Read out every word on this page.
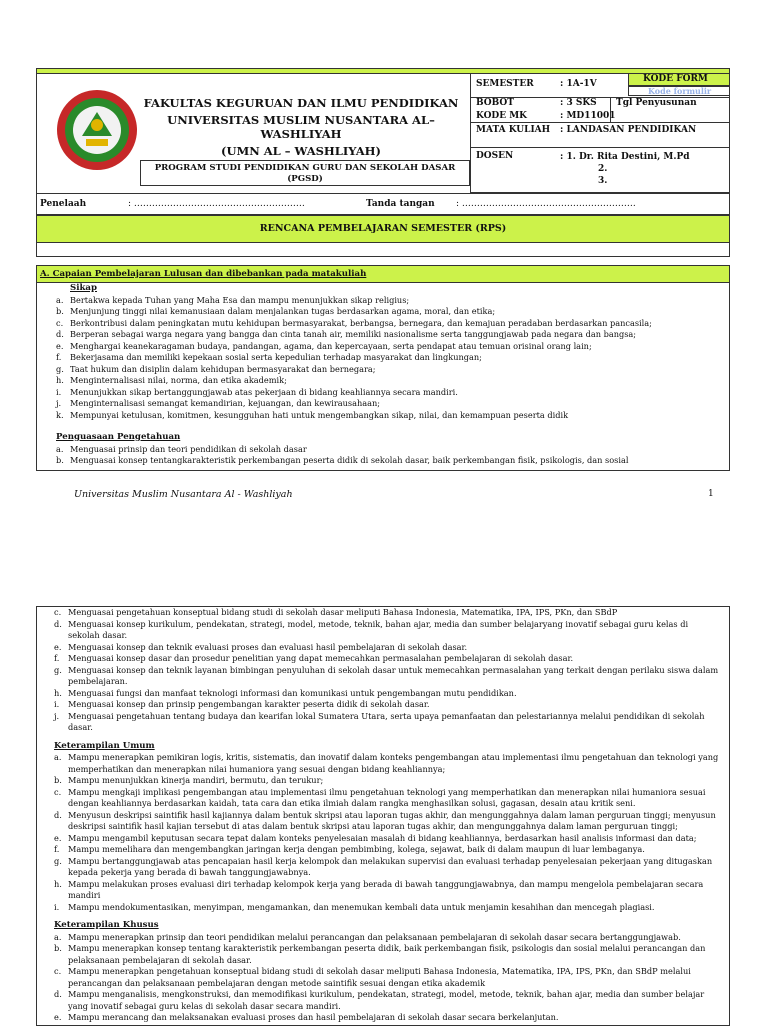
FAKULTAS KEGURUAN DAN ILMU PENDIDIKAN
UNIVERSITAS MUSLIM NUSANTARA AL–WASHLIYAH
(UMN AL – WASHLIYAH)
PROGRAM STUDI PENDIDIKAN GURU DAN SEKOLAH DASAR
(PGSD)
KODE FORM
Kode formulir
SEMESTER	: 1A-1V
BOBOT	: 3 SKS Tgl Penyusunan
KODE MK	: MD11001
MATA KULIAH : LANDASAN PENDIDIKAN
DOSEN	: 1. Dr. Rita Destini, M.Pd
2.
3.
Penelaah	: …………………………………………………	Tanda tangan : ………………………………………………….
RENCANA PEMBELAJARAN SEMESTER (RPS)
A. Capaian Pembelajaran Lulusan dan dibebankan pada matakuliah
Sikap
a. Bertakwa kepada Tuhan yang Maha Esa dan mampu menunjukkan sikap religius;
b. Menjunjung tinggi nilai kemanusiaan dalam menjalankan tugas berdasarkan agama, moral, dan etika;
c. Berkontribusi dalam peningkatan mutu kehidupan bermasyarakat, berbangsa, bernegara, dan kemajuan peradaban berdasarkan pancasila;
d. Berperan sebagai warga negara yang bangga dan cinta tanah air, memiliki nasionalisme serta tanggungjawab pada negara dan bangsa;
e. Menghargai keanekaragaman budaya, pandangan, agama, dan kepercayaan, serta pendapat atau temuan orisinal orang lain;
f.	Bekerjasama dan memiliki kepekaan sosial serta kepedulian terhadap masyarakat dan lingkungan;
g. Taat hukum dan disiplin dalam kehidupan bermasyarakat dan bernegara;
h. Menginternalisasi nilai, norma, dan etika akademik;
i.	Menunjukkan sikap bertanggungjawab atas pekerjaan di bidang keahliannya secara mandiri.
j.	Menginternalisasi semangat kemandirian, kejuangan, dan kewirausahaan;
k. Mempunyai ketulusan, komitmen, kesungguhan hati untuk mengembangkan sikap, nilai, dan kemampuan peserta didik
Penguasaan Pengetahuan
a. Menguasai prinsip dan teori pendidikan di sekolah dasar
b. Menguasai konsep tentangkarakteristik perkembangan peserta didik di sekolah dasar, baik perkembangan fisik, psikologis, dan sosial
Universitas Muslim Nusantara Al - Washliyah	1
c. Menguasai pengetahuan konseptual bidang studi di sekolah dasar meliputi Bahasa Indonesia, Matematika, IPA, IPS, PKn, dan SBdP
d. Menguasai konsep kurikulum, pendekatan, strategi, model, metode, teknik, bahan ajar, media dan sumber belajaryang inovatif sebagai guru kelas di sekolah dasar.
e. Menguasai konsep dan teknik evaluasi proses dan evaluasi hasil pembelajaran di sekolah dasar.
f.	Menguasai konsep dasar dan prosedur penelitian yang dapat memecahkan permasalahan pembelajaran di sekolah dasar.
g. Menguasai konsep dan teknik layanan bimbingan penyuluhan di sekolah dasar untuk memecahkan permasalahan yang terkait dengan perilaku siswa dalam pembelajaran.
h. Menguasai fungsi dan manfaat teknologi informasi dan komunikasi untuk pengembangan mutu pendidikan.
i.	Menguasai konsep dan prinsip pengembangan karakter peserta didik di sekolah dasar.
j.	Menguasai pengetahuan tentang budaya dan kearifan lokal Sumatera Utara, serta upaya pemanfaatan dan pelestariannya melalui pendidikan di sekolah dasar.
Keterampilan Umum
a. Mampu menerapkan pemikiran logis, kritis, sistematis, dan inovatif dalam konteks pengembangan atau implementasi ilmu pengetahuan dan teknologi yang memperhatikan dan menerapkan nilai humaniora yang sesuai dengan bidang keahliannya;
b. Mampu menunjukkan kinerja mandiri, bermutu, dan terukur;
c. Mampu mengkaji implikasi pengembangan atau implementasi ilmu pengetahuan teknologi yang memperhatikan dan menerapkan nilai humaniora sesuai dengan keahliannya berdasarkan kaidah, tata cara dan etika ilmiah dalam rangka menghasilkan solusi, gagasan, desain atau kritik seni.
d. Menyusun deskripsi saintifik hasil kajiannya dalam bentuk skripsi atau laporan tugas akhir, dan mengunggahnya dalam laman perguruan tinggi; menyusun deskripsi saintifik hasil kajian tersebut di atas dalam bentuk skripsi atau laporan tugas akhir, dan mengunggahnya dalam laman perguruan tinggi;
e. Mampu mengambil keputusan secara tepat dalam konteks penyelesaian masalah di bidang keahliannya, berdasarkan hasil analisis informasi dan data;
f.	Mampu memelihara dan mengembangkan jaringan kerja dengan pembimbing, kolega, sejawat, baik di dalam maupun di luar lembaganya.
g. Mampu bertanggungjawab atas pencapaian hasil kerja kelompok dan melakukan supervisi dan evaluasi terhadap penyelesaian pekerjaan yang ditugaskan kepada pekerja yang berada di bawah tanggungjawabnya.
h. Mampu melakukan proses evaluasi diri terhadap kelompok kerja yang berada di bawah tanggungjawabnya, dan mampu mengelola pembelajaran secara mandiri
i.	Mampu mendokumentasikan, menyimpan, mengamankan, dan menemukan kembali data untuk menjamin kesahihan dan mencegah plagiasi.
Keterampilan Khusus
a. Mampu menerapkan prinsip dan teori pendidikan melalui perancangan dan pelaksanaan pembelajaran di sekolah dasar secara bertanggungjawab.
b. Mampu menerapkan konsep tentang karakteristik perkembangan peserta didik, baik perkembangan fisik, psikologis dan sosial melalui perancangan dan pelaksanaan pembelajaran di sekolah dasar.
c. Mampu menerapkan pengetahuan konseptual bidang studi di sekolah dasar meliputi Bahasa Indonesia, Matematika, IPA, IPS, PKn, dan SBdP melalui perancangan dan pelaksanaan pembelajaran dengan metode saintifik sesuai dengan etika akademik
d. Mampu menganalisis, mengkonstruksi, dan memodifikasi kurikulum, pendekatan, strategi, model, metode, teknik, bahan ajar, media dan sumber belajar yang inovatif sebagai guru kelas di sekolah dasar secara mandiri.
e. Mampu merancang dan melaksanakan evaluasi proses dan hasil pembelajaran di sekolah dasar secara berkelanjutan.
